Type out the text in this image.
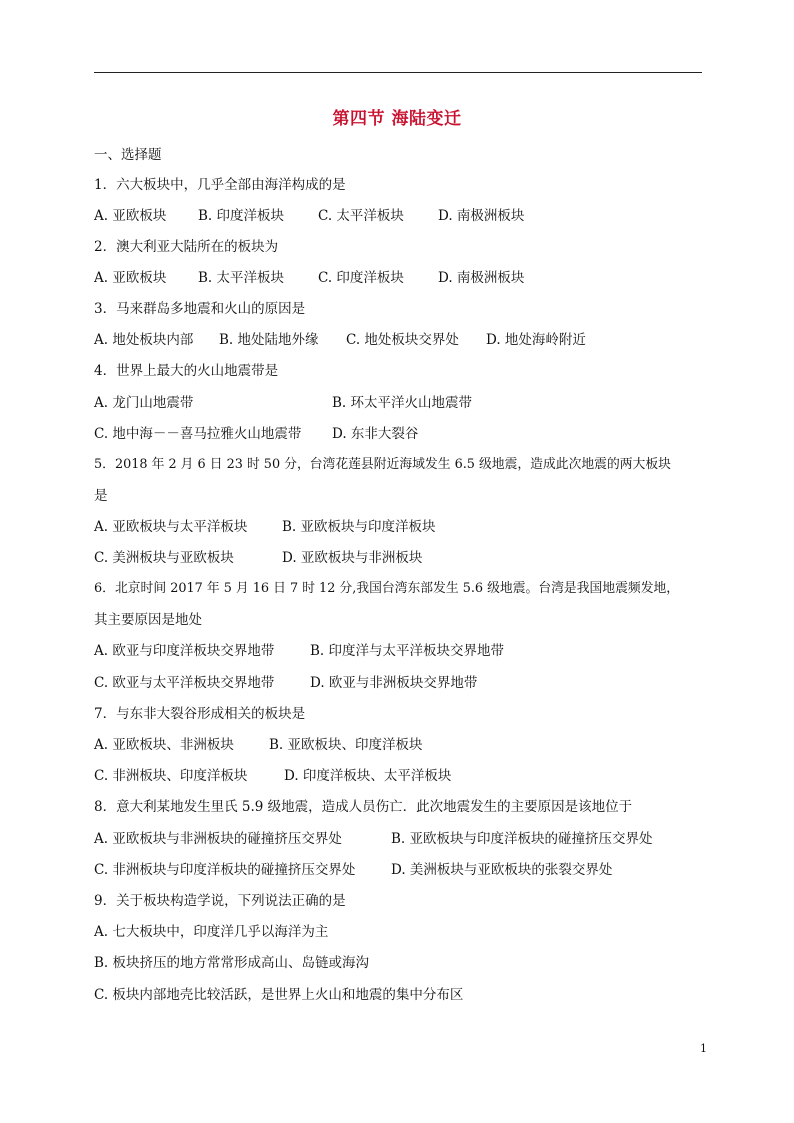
第四节 海陆变迁
一、选择题
1．六大板块中，几乎全部由海洋构成的是
A. 亚欧板块 B. 印度洋板块	C. 太平洋板块	D. 南极洲板块
2．澳大利亚大陆所在的板块为
A. 亚欧板块 B. 太平洋板块	C. 印度洋板块	D. 南极洲板块
3．马来群岛多地震和火山的原因是
A. 地处板块内部 B. 地处陆地外缘 C. 地处板块交界处 D. 地处海岭附近
4．世界上最大的火山地震带是
A. 龙门山地震带	B. 环太平洋火山地震带
C. 地中海－－喜马拉雅火山地震带 D. 东非大裂谷
5．2018 年 2 月 6 日 23 时 50 分，台湾花莲县附近海域发生 6.5 级地震，造成此次地震的两大板块
是
A. 亚欧板块与太平洋板块	B. 亚欧板块与印度洋板块
C. 美洲板块与亚欧板块	D. 亚欧板块与非洲板块
6．北京时间 2017 年 5 月 16 日 7 时 12 分,我国台湾东部发生 5.6 级地震。台湾是我国地震频发地，
其主要原因是地处
A. 欧亚与印度洋板块交界地带	B. 印度洋与太平洋板块交界地带
C. 欧亚与太平洋板块交界地带	D. 欧亚与非洲板块交界地带
7．与东非大裂谷形成相关的板块是
A. 亚欧板块、非洲板块	B. 亚欧板块、印度洋板块
C. 非洲板块、印度洋板块	D. 印度洋板块、太平洋板块
8．意大利某地发生里氏 5.9 级地震，造成人员伤亡．此次地震发生的主要原因是该地位于
A. 亚欧板块与非洲板块的碰撞挤压交界处	B. 亚欧板块与印度洋板块的碰撞挤压交界处
C. 非洲板块与印度洋板块的碰撞挤压交界处	D. 美洲板块与亚欧板块的张裂交界处
9．关于板块构造学说，下列说法正确的是
A. 七大板块中，印度洋几乎以海洋为主
B. 板块挤压的地方常常形成高山、岛链或海沟
C. 板块内部地壳比较活跃，是世界上火山和地震的集中分布区
1
